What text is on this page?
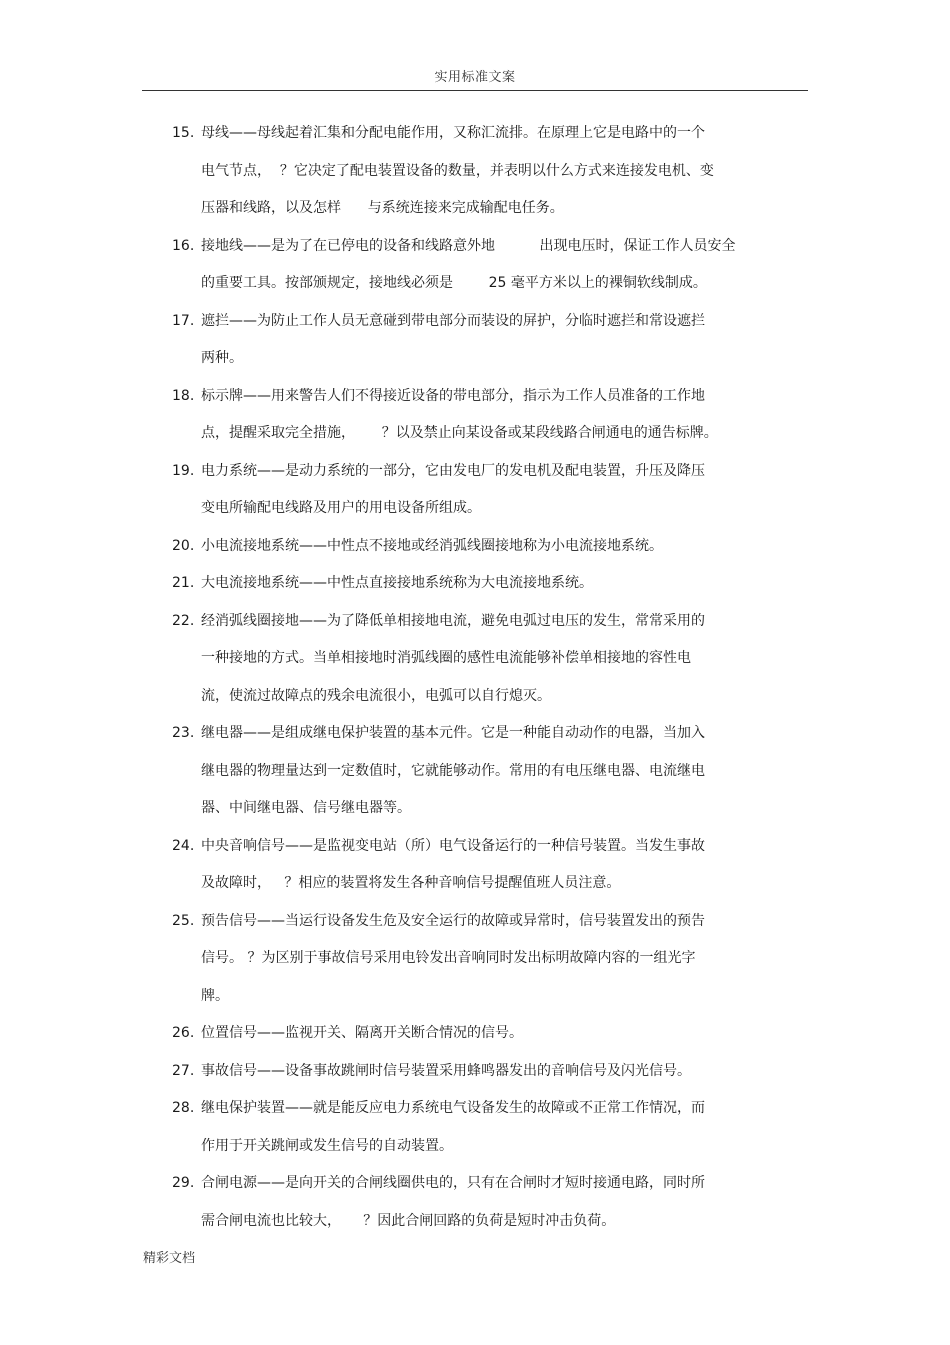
实用标准文案
15. 母线——母线起着汇集和分配电能作用，又称汇流排。在原理上它是电路中的一个
电气节点，  ？它决定了配电装置设备的数量，并表明以什么方式来连接发电机、变
压器和线路，以及怎样      与系统连接来完成输配电任务。
16. 接地线——是为了在已停电的设备和线路意外地          出现电压时，保证工作人员安全
的重要工具。按部颁规定，接地线必须是        25 毫平方米以上的裸铜软线制成。
17. 遮拦——为防止工作人员无意碰到带电部分而装设的屏护，分临时遮拦和常设遮拦
两种。
18. 标示牌——用来警告人们不得接近设备的带电部分，指示为工作人员准备的工作地
点，提醒采取完全措施，      ？以及禁止向某设备或某段线路合闸通电的通告标牌。
19. 电力系统——是动力系统的一部分，它由发电厂的发电机及配电装置，升压及降压
变电所输配电线路及用户的用电设备所组成。
20. 小电流接地系统——中性点不接地或经消弧线圈接地称为小电流接地系统。
21. 大电流接地系统——中性点直接接地系统称为大电流接地系统。
22. 经消弧线圈接地——为了降低单相接地电流，避免电弧过电压的发生，常常采用的
一种接地的方式。当单相接地时消弧线圈的感性电流能够补偿单相接地的容性电
流，使流过故障点的残余电流很小，电弧可以自行熄灭。
23. 继电器——是组成继电保护装置的基本元件。它是一种能自动动作的电器，当加入
继电器的物理量达到一定数值时，它就能够动作。常用的有电压继电器、电流继电
器、中间继电器、信号继电器等。
24. 中央音响信号——是监视变电站（所）电气设备运行的一种信号装置。当发生事故
及故障时，   ？相应的装置将发生各种音响信号提醒值班人员注意。
25. 预告信号——当运行设备发生危及安全运行的故障或异常时，信号装置发出的预告
信号。 ？为区别于事故信号采用电铃发出音响同时发出标明故障内容的一组光字
牌。
26. 位置信号——监视开关、隔离开关断合情况的信号。
27. 事故信号——设备事故跳闸时信号装置采用蜂鸣器发出的音响信号及闪光信号。
28. 继电保护装置——就是能反应电力系统电气设备发生的故障或不正常工作情况，而
作用于开关跳闸或发生信号的自动装置。
29. 合闸电源——是向开关的合闸线圈供电的，只有在合闸时才短时接通电路，同时所
需合闸电流也比较大，     ？因此合闸回路的负荷是短时冲击负荷。
精彩文档
